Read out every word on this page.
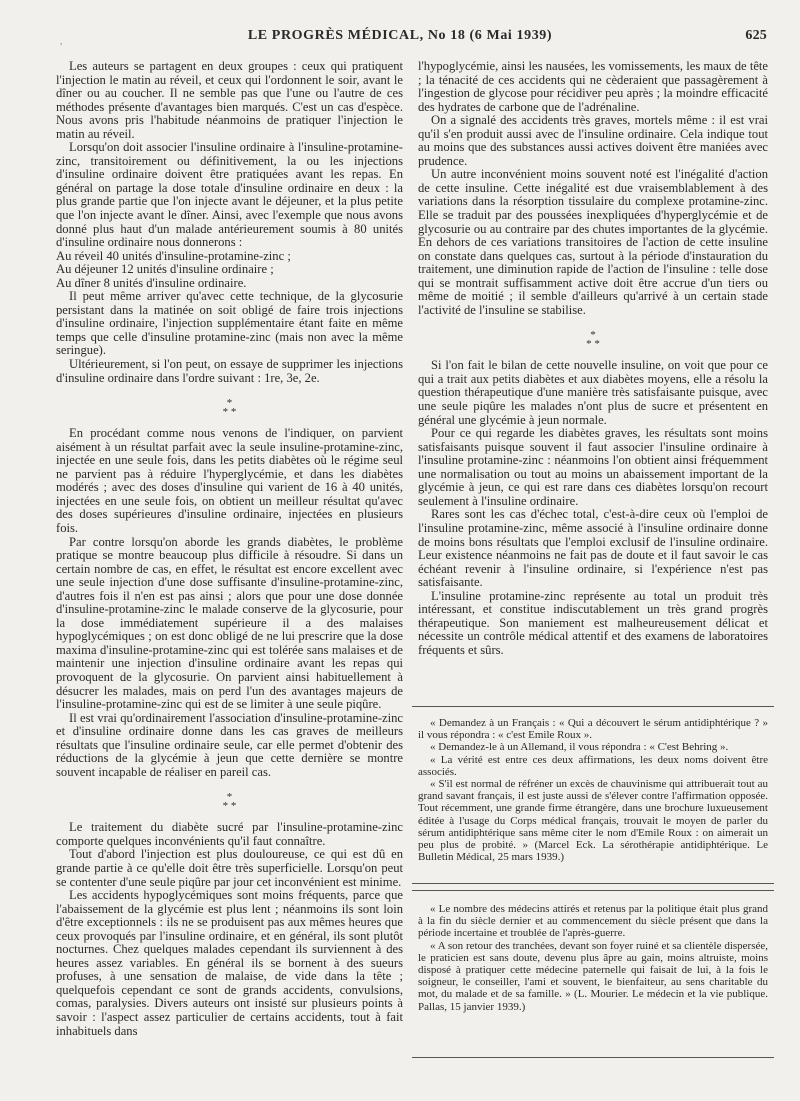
,	LE PROGRÈS MÉDICAL, No 18 (6 Mai 1939)	625

Les auteurs se partagent en deux groupes : ceux qui pratiquent l'injection le matin au réveil, et ceux qui l'ordonnent le soir, avant le dîner ou au coucher. Il ne semble pas que l'une ou l'autre de ces méthodes présente d'avantages bien marqués. C'est un cas d'espèce. Nous avons pris l'habitude néanmoins de pratiquer l'injection le matin au réveil.

Lorsqu'on doit associer l'insuline ordinaire à l'insuline-protamine-zinc, transitoirement ou définitivement, la ou les injections d'insuline ordinaire doivent être pratiquées avant les repas. En général on partage la dose totale d'insuline ordinaire en deux : la plus grande partie que l'on injecte avant le déjeuner, et la plus petite que l'on injecte avant le dîner. Ainsi, avec l'exemple que nous avons donné plus haut d'un malade antérieurement soumis à 80 unités d'insuline ordinaire nous donnerons :

Au réveil 40 unités d'insuline-protamine-zinc ;
Au déjeuner 12 unités d'insuline ordinaire ;
Au dîner 8 unités d'insuline ordinaire.

Il peut même arriver qu'avec cette technique, de la glycosurie persistant dans la matinée on soit obligé de faire trois injections d'insuline ordinaire, l'injection supplémentaire étant faite en même temps que celle d'insuline protamine-zinc (mais non avec la même seringue).

Ultérieurement, si l'on peut, on essaye de supprimer les injections d'insuline ordinaire dans l'ordre suivant : 1re, 3e, 2e.

*
* *

En procédant comme nous venons de l'indiquer, on parvient aisément à un résultat parfait avec la seule insuline-protamine-zinc, injectée en une seule fois, dans les petits diabètes où le régime seul ne parvient pas à réduire l'hyperglycémie, et dans les diabètes modérés ; avec des doses d'insuline qui varient de 16 à 40 unités, injectées en une seule fois, on obtient un meilleur résultat qu'avec des doses supérieures d'insuline ordinaire, injectées en plusieurs fois.

Par contre lorsqu'on aborde les grands diabètes, le problème pratique se montre beaucoup plus difficile à résoudre. Si dans un certain nombre de cas, en effet, le résultat est encore excellent avec une seule injection d'une dose suffisante d'insuline-protamine-zinc, d'autres fois il n'en est pas ainsi ; alors que pour une dose donnée d'insuline-protamine-zinc le malade conserve de la glycosurie, pour la dose immédiatement supérieure il a des malaises hypoglycémiques ; on est donc obligé de ne lui prescrire que la dose maxima d'insuline-protamine-zinc qui est tolérée sans malaises et de maintenir une injection d'insuline ordinaire avant les repas qui provoquent de la glycosurie. On parvient ainsi habituellement à désucrer les malades, mais on perd l'un des avantages majeurs de l'insuline-protamine-zinc qui est de se limiter à une seule piqûre.

Il est vrai qu'ordinairement l'association d'insuline-protamine-zinc et d'insuline ordinaire donne dans les cas graves de meilleurs résultats que l'insuline ordinaire seule, car elle permet d'obtenir des réductions de la glycémie à jeun que cette dernière se montre souvent incapable de réaliser en pareil cas.

*
* *

Le traitement du diabète sucré par l'insuline-protamine-zinc comporte quelques inconvénients qu'il faut connaître.

Tout d'abord l'injection est plus douloureuse, ce qui est dû en grande partie à ce qu'elle doit être très superficielle. Lorsqu'on peut se contenter d'une seule piqûre par jour cet inconvénient est minime.

Les accidents hypoglycémiques sont moins fréquents, parce que l'abaissement de la glycémie est plus lent ; néanmoins ils sont loin d'être exceptionnels : ils ne se produisent pas aux mêmes heures que ceux provoqués par l'insuline ordinaire, et en général, ils sont plutôt nocturnes. Chez quelques malades cependant ils surviennent à des heures assez variables. En général ils se bornent à des sueurs profuses, à une sensation de malaise, de vide dans la tête ; quelquefois cependant ce sont de grands accidents, convulsions, comas, paralysies. Divers auteurs ont insisté sur plusieurs points à savoir : l'aspect assez particulier de certains accidents, tout à fait inhabituels dans

l'hypoglycémie, ainsi les nausées, les vomissements, les maux de tête ; la ténacité de ces accidents qui ne cèderaient que passagèrement à l'ingestion de glycose pour récidiver peu après ; la moindre efficacité des hydrates de carbone que de l'adrénaline.

On a signalé des accidents très graves, mortels même : il est vrai qu'il s'en produit aussi avec de l'insuline ordinaire. Cela indique tout au moins que des substances aussi actives doivent être maniées avec prudence.

Un autre inconvénient moins souvent noté est l'inégalité d'action de cette insuline. Cette inégalité est due vraisemblablement à des variations dans la résorption tissulaire du complexe protamine-zinc. Elle se traduit par des poussées inexpliquées d'hyperglycémie et de glycosurie ou au contraire par des chutes importantes de la glycémie. En dehors de ces variations transitoires de l'action de cette insuline on constate dans quelques cas, surtout à la période d'instauration du traitement, une diminution rapide de l'action de l'insuline : telle dose qui se montrait suffisamment active doit être accrue d'un tiers ou même de moitié ; il semble d'ailleurs qu'arrivé à un certain stade l'activité de l'insuline se stabilise.

*
* *

Si l'on fait le bilan de cette nouvelle insuline, on voit que pour ce qui a trait aux petits diabètes et aux diabètes moyens, elle a résolu la question thérapeutique d'une manière très satisfaisante puisque, avec une seule piqûre les malades n'ont plus de sucre et présentent en général une glycémie à jeun normale.

Pour ce qui regarde les diabètes graves, les résultats sont moins satisfaisants puisque souvent il faut associer l'insuline ordinaire à l'insuline protamine-zinc : néanmoins l'on obtient ainsi fréquemment une normalisation ou tout au moins un abaissement important de la glycémie à jeun, ce qui est rare dans ces diabètes lorsqu'on recourt seulement à l'insuline ordinaire.

Rares sont les cas d'échec total, c'est-à-dire ceux où l'emploi de l'insuline protamine-zinc, même associé à l'insuline ordinaire donne de moins bons résultats que l'emploi exclusif de l'insuline ordinaire. Leur existence néanmoins ne fait pas de doute et il faut savoir le cas échéant revenir à l'insuline ordinaire, si l'expérience n'est pas satisfaisante.

L'insuline protamine-zinc représente au total un produit très intéressant, et constitue indiscutablement un très grand progrès thérapeutique. Son maniement est malheureusement délicat et nécessite un contrôle médical attentif et des examens de laboratoires fréquents et sûrs.

« Demandez à un Français : « Qui a découvert le sérum antidiphtérique ? » il vous répondra : « c'est Emile Roux ».

« Demandez-le à un Allemand, il vous répondra : « C'est Behring ».

« La vérité est entre ces deux affirmations, les deux noms doivent être associés.

« S'il est normal de réfréner un excès de chauvinisme qui attribuerait tout au grand savant français, il est juste aussi de s'élever contre l'affirmation opposée. Tout récemment, une grande firme étrangère, dans une brochure luxueusement éditée à l'usage du Corps médical français, trouvait le moyen de parler du sérum antidiphtérique sans même citer le nom d'Emile Roux : on aimerait un peu plus de probité. » (Marcel Eck. La sérothérapie antidiphtérique. Le Bulletin Médical, 25 mars 1939.)

« Le nombre des médecins attirés et retenus par la politique était plus grand à la fin du siècle dernier et au commencement du siècle présent que dans la période incertaine et troublée de l'après-guerre.

« A son retour des tranchées, devant son foyer ruiné et sa clientèle dispersée, le praticien est sans doute, devenu plus âpre au gain, moins altruiste, moins disposé à pratiquer cette médecine paternelle qui faisait de lui, à la fois le soigneur, le conseiller, l'ami et souvent, le bienfaiteur, au sens charitable du mot, du malade et de sa famille. » (L. Mourier. Le médecin et la vie publique. Pallas, 15 janvier 1939.)
